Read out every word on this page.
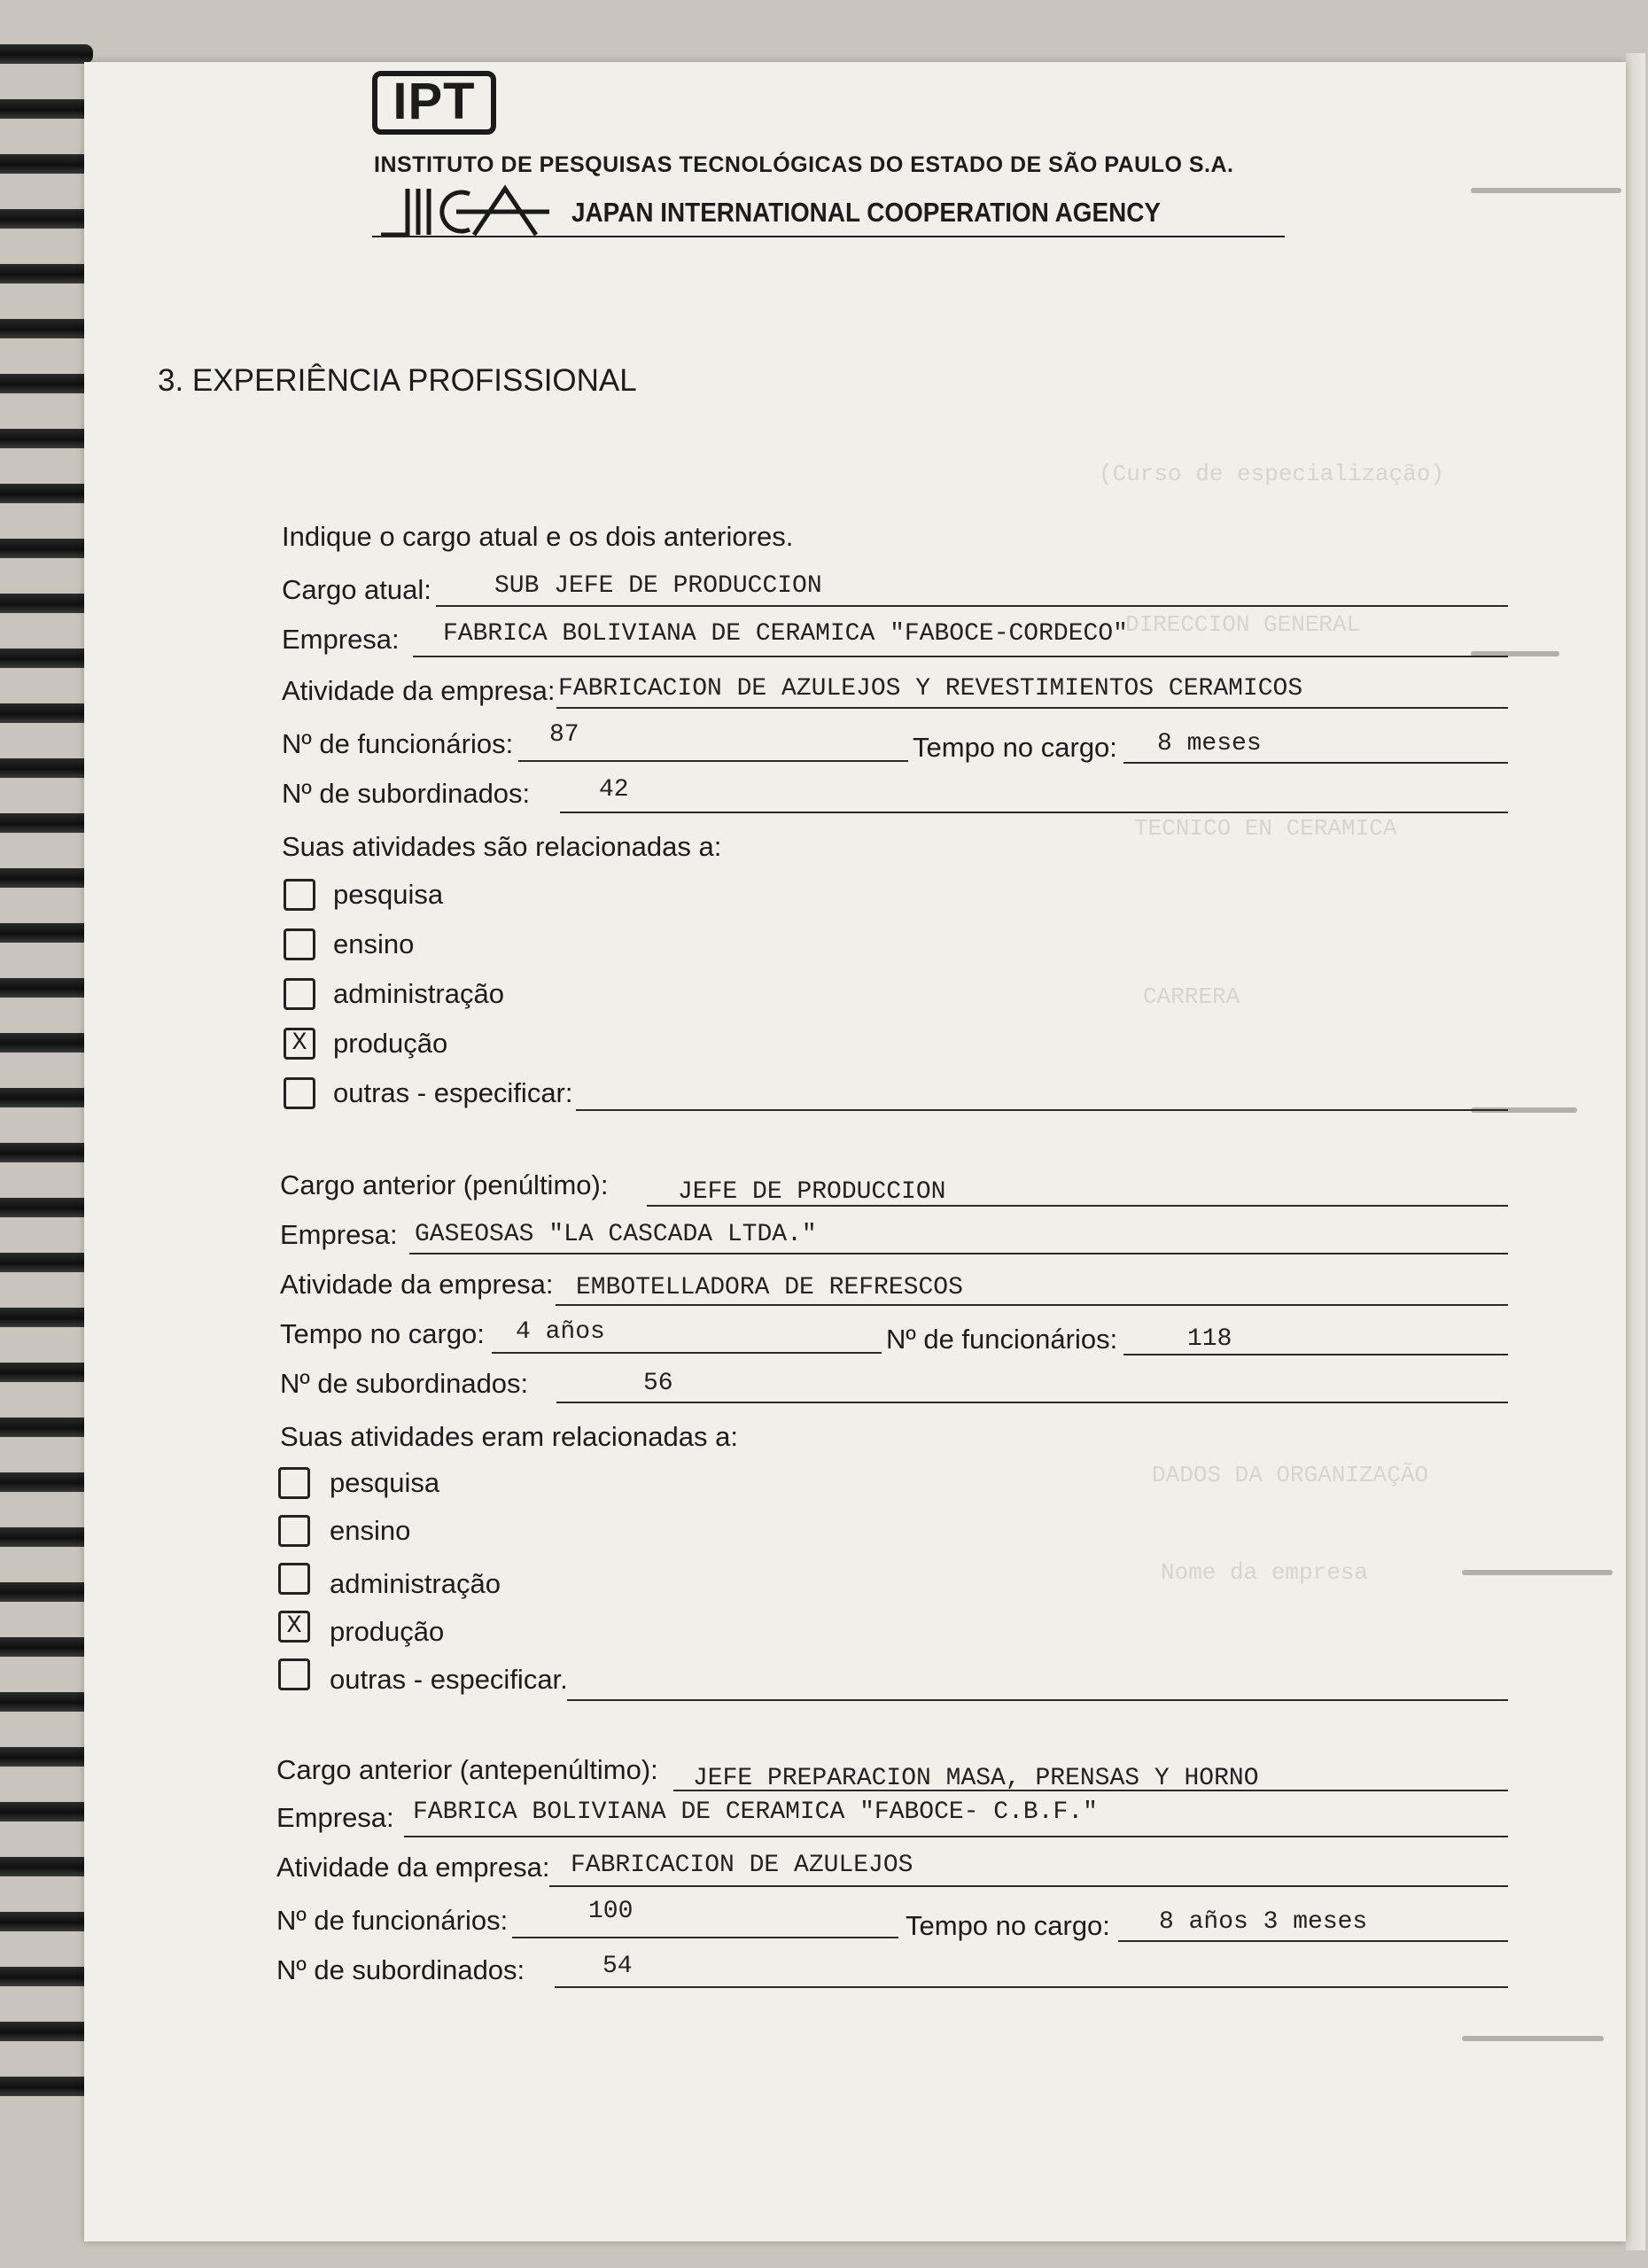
(Curso de especialização)
DIRECCION GENERAL
TECNICO EN CERAMICA
CARRERA
DADOS DA ORGANIZAÇÃO
Nome da empresa
IPT
INSTITUTO DE PESQUISAS TECNOLÓGICAS DO ESTADO DE SÃO PAULO S.A.
JAPAN INTERNATIONAL COOPERATION AGENCY
3. EXPERIÊNCIA PROFISSIONAL
Indique o cargo atual e os dois anteriores.
Cargo atual:	SUB JEFE DE PRODUCCION
Empresa: FABRICA BOLIVIANA DE CERAMICA "FABOCE-CORDECO"
Atividade da empresa: FABRICACION DE AZULEJOS Y REVESTIMIENTOS CERAMICOS
Nº de funcionários: 87	Tempo no cargo: 8 meses
Nº de subordinados:	42
Suas atividades são relacionadas a:
pesquisa
ensino
administração
X produção
outras - especificar:
Cargo anterior (penúltimo):	JEFE DE PRODUCCION
Empresa: GASEOSAS "LA CASCADA LTDA."
Atividade da empresa: EMBOTELLADORA DE REFRESCOS
Tempo no cargo: 4 años	Nº de funcionários:	118
Nº de subordinados:	56
Suas atividades eram relacionadas a:
pesquisa
ensino
administração
X	produção
outras - especificar.
Cargo anterior (antepenúltimo): JEFE PREPARACION MASA, PRENSAS Y HORNO
Empresa: FABRICA BOLIVIANA DE CERAMICA "FABOCE- C.B.F."
Atividade da empresa: FABRICACION DE AZULEJOS
Nº de funcionários:	100	Tempo no cargo: 8 años 3 meses
Nº de subordinados:	54
